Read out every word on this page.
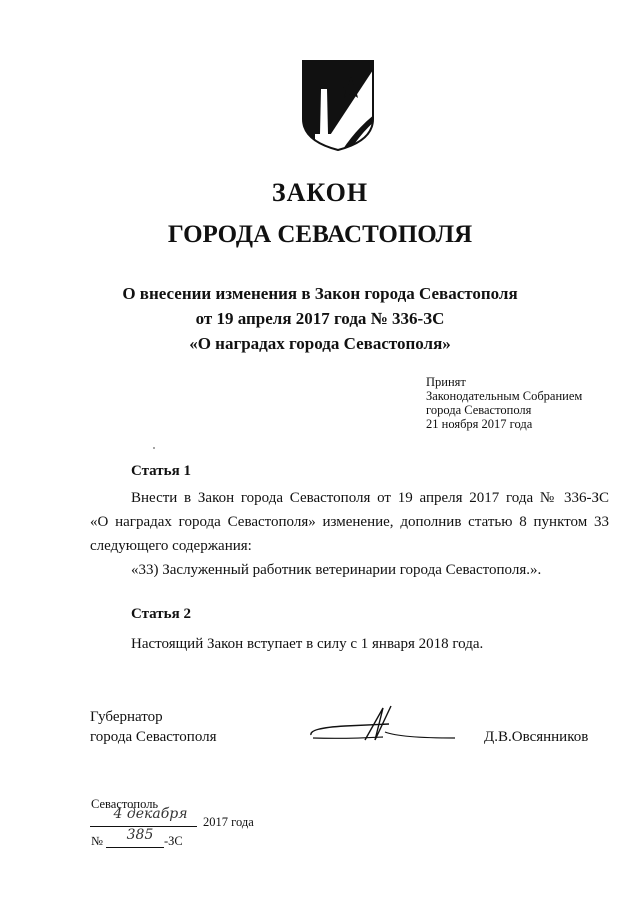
ЗАКОН
ГОРОДА СЕВАСТОПОЛЯ
О внесении изменения в Закон города Севастополя
от 19 апреля 2017 года № 336-ЗС
«О наградах города Севастополя»
Принят
Законодательным Собранием
города Севастополя
21 ноября 2017 года
Статья 1
Внести в Закон города Севастополя от 19 апреля 2017 года № 336-ЗС
«О наградах города Севастополя» изменение, дополнив статью 8 пунктом 33
следующего содержания:
«33) Заслуженный работник ветеринарии города Севастополя.».
Статья 2
Настоящий Закон вступает в силу с 1 января 2018 года.
Губернатор
города Севастополя	Д.В.Овсянников
Севастополь
4 декабря	2017 года
№	385 -ЗС
